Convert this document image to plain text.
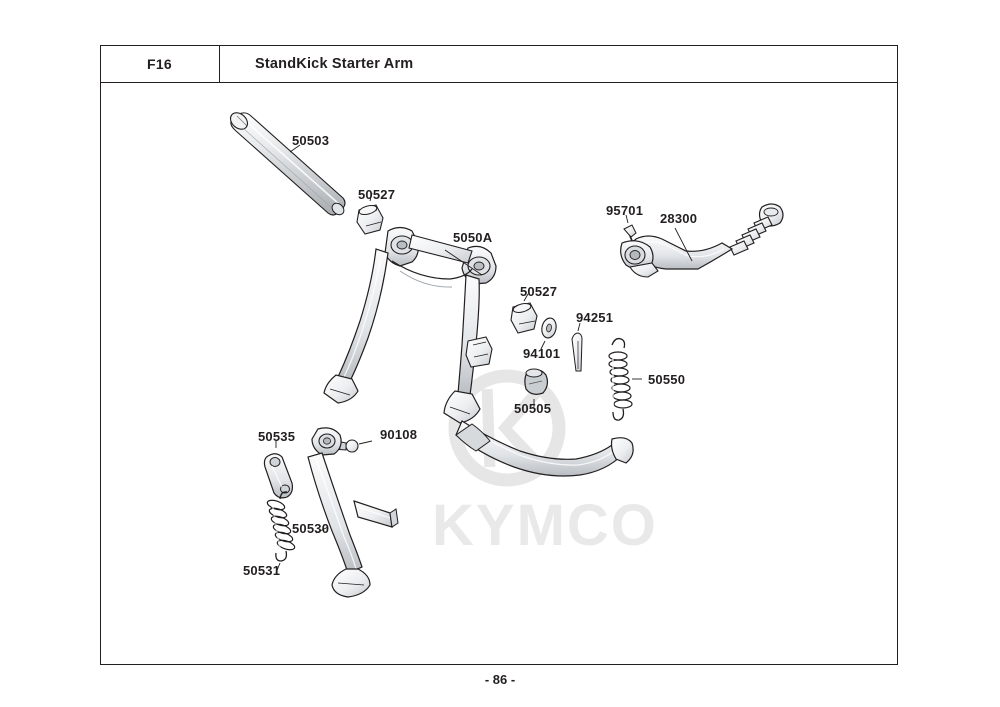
KYMCO
F16	StandKick Starter Arm
50503
50527
5050A
50527
94251
94101
50505
50550
95701
28300
50535	90108
50530
50531
- 86 -
